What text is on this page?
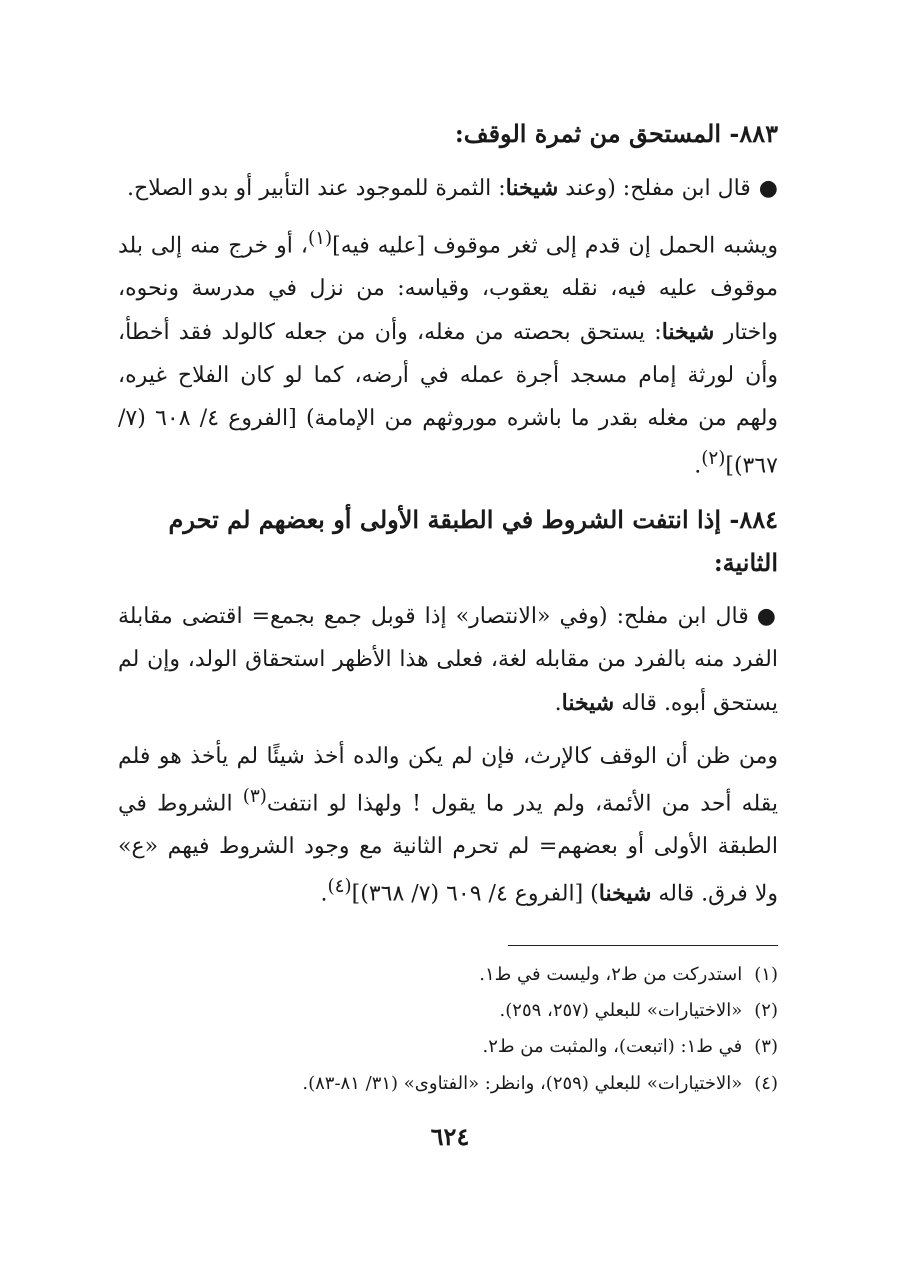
٨٨٣- المستحق من ثمرة الوقف:

●قال ابن مفلح: (وعند شيخنا: الثمرة للموجود عند التأبير أو بدو الصلاح.

ويشبه الحمل إن قدم إلى ثغر موقوف [عليه فيه]$^{(١)}$، أو خرج منه إلى بلد موقوف عليه فيه، نقله يعقوب، وقياسه: من نزل في مدرسة ونحوه، واختار شيخنا: يستحق بحصته من مغله، وأن من جعله كالولد فقد أخطأ، وأن لورثة إمام مسجد أجرة عمله في أرضه، كما لو كان الفلاح غيره، ولهم من مغله بقدر ما باشره موروثهم من الإمامة) [الفروع ٤/ ٦٠٨ (٧/ ٣٦٧)]$^{(٢)}$.

٨٨٤- إذا انتفت الشروط في الطبقة الأولى أو بعضهم لم تحرم الثانية:

●قال ابن مفلح: (وفي «الانتصار» إذا قوبل جمع بجمع= اقتضى مقابلة الفرد منه بالفرد من مقابله لغة، فعلى هذا الأظهر استحقاق الولد، وإن لم يستحق أبوه. قاله شيخنا.

ومن ظن أن الوقف كالإرث، فإن لم يكن والده أخذ شيئًا لم يأخذ هو فلم يقله أحد من الأئمة، ولم يدر ما يقول ! ولهذا لو انتفت$^{(٣)}$ الشروط في الطبقة الأولى أو بعضهم= لم تحرم الثانية مع وجود الشروط فيهم «ع» ولا فرق. قاله شيخنا) [الفروع ٤/ ٦٠٩ (٧/ ٣٦٨)]$^{(٤)}$.

(١)استدركت من ط٢، وليست في ط١.
(٢)«الاختيارات» للبعلي (٢٥٧، ٢٥٩).
(٣)في ط١: (اتبعت)، والمثبت من ط٢.
(٤)«الاختيارات» للبعلي (٢٥٩)، وانظر: «الفتاوى» (٣١/ ٨١-٨٣).
٦٢٤
